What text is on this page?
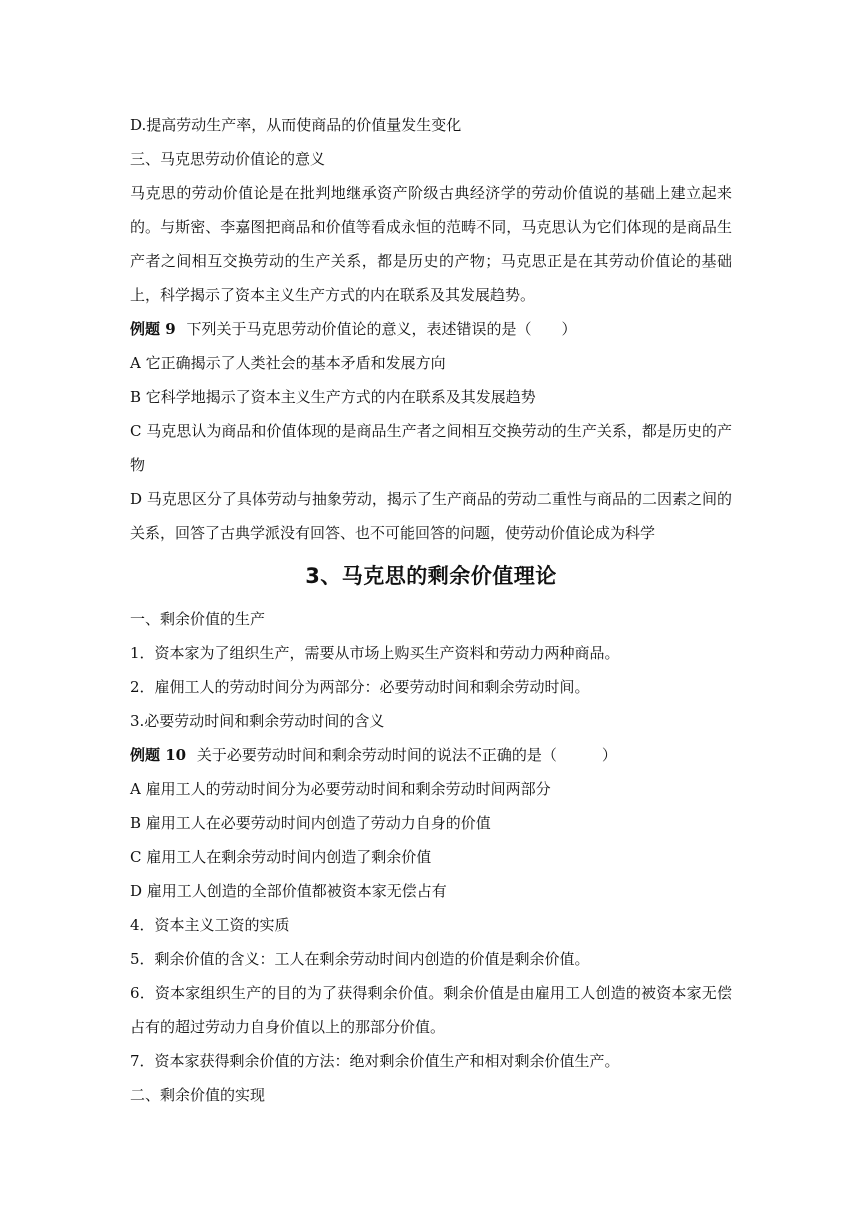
D.提高劳动生产率，从而使商品的价值量发生变化

三、马克思劳动价值论的意义

马克思的劳动价值论是在批判地继承资产阶级古典经济学的劳动价值说的基础上建立起来的。与斯密、李嘉图把商品和价值等看成永恒的范畴不同，马克思认为它们体现的是商品生产者之间相互交换劳动的生产关系，都是历史的产物；马克思正是在其劳动价值论的基础上，科学揭示了资本主义生产方式的内在联系及其发展趋势。

例题 9 下列关于马克思劳动价值论的意义，表述错误的是（　　）

A 它正确揭示了人类社会的基本矛盾和发展方向

B 它科学地揭示了资本主义生产方式的内在联系及其发展趋势

C 马克思认为商品和价值体现的是商品生产者之间相互交换劳动的生产关系，都是历史的产物

D 马克思区分了具体劳动与抽象劳动，揭示了生产商品的劳动二重性与商品的二因素之间的关系，回答了古典学派没有回答、也不可能回答的问题，使劳动价值论成为科学

3、马克思的剩余价值理论

一、剩余价值的生产

1．资本家为了组织生产，需要从市场上购买生产资料和劳动力两种商品。

2．雇佣工人的劳动时间分为两部分：必要劳动时间和剩余劳动时间。

3.必要劳动时间和剩余劳动时间的含义

例题 10 关于必要劳动时间和剩余劳动时间的说法不正确的是（　　　）

A 雇用工人的劳动时间分为必要劳动时间和剩余劳动时间两部分

B 雇用工人在必要劳动时间内创造了劳动力自身的价值

C 雇用工人在剩余劳动时间内创造了剩余价值

D 雇用工人创造的全部价值都被资本家无偿占有

4．资本主义工资的实质

5．剩余价值的含义：工人在剩余劳动时间内创造的价值是剩余价值。

6．资本家组织生产的目的为了获得剩余价值。剩余价值是由雇用工人创造的被资本家无偿占有的超过劳动力自身价值以上的那部分价值。

7．资本家获得剩余价值的方法：绝对剩余价值生产和相对剩余价值生产。

二、剩余价值的实现
